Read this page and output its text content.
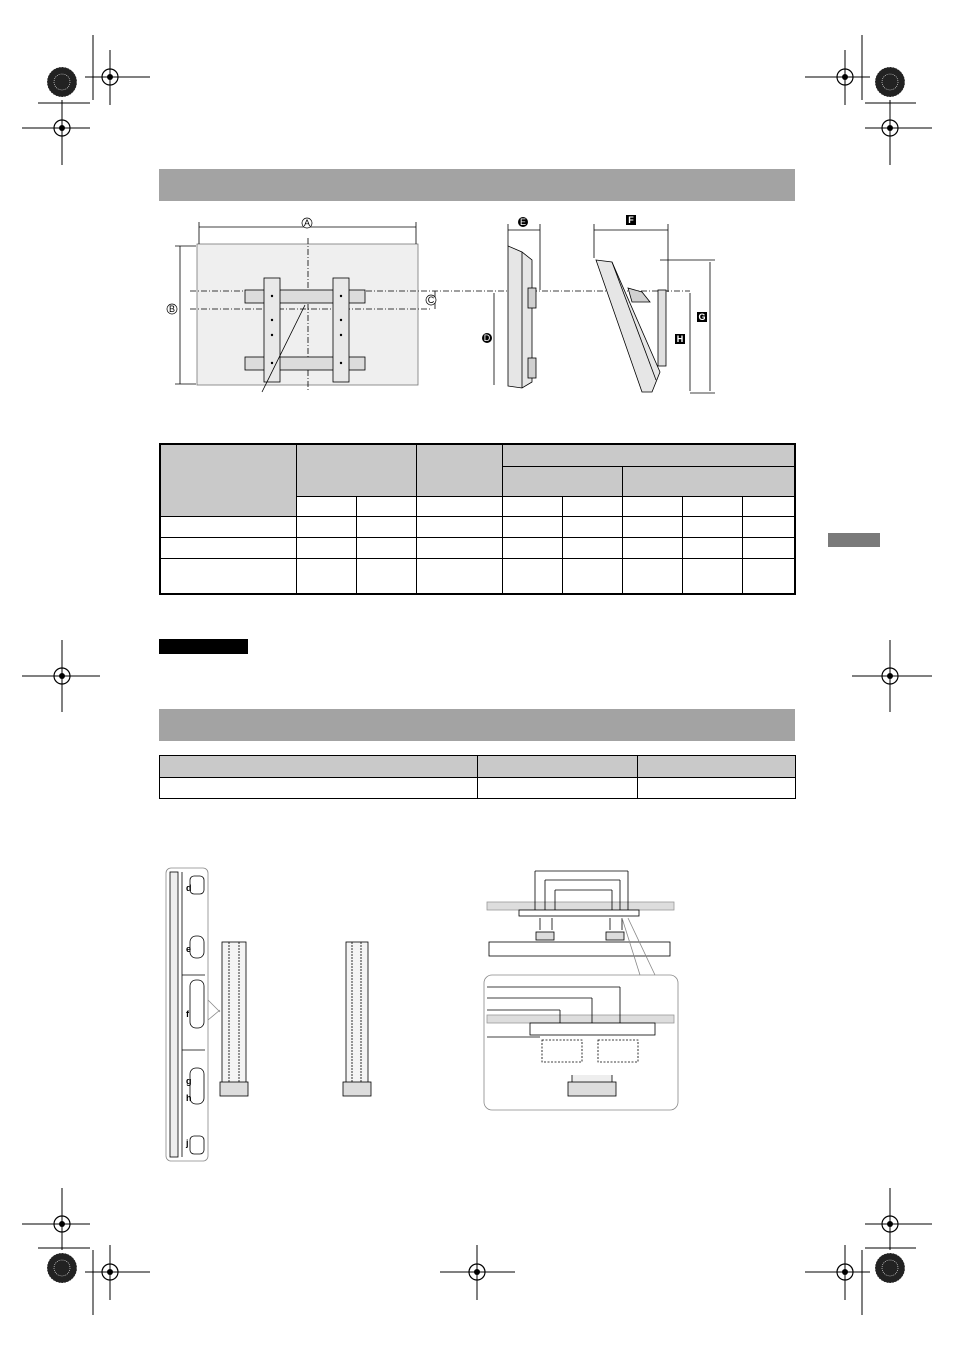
A
B
C
D
E	F
G
H

d
e
f
g
h
j
